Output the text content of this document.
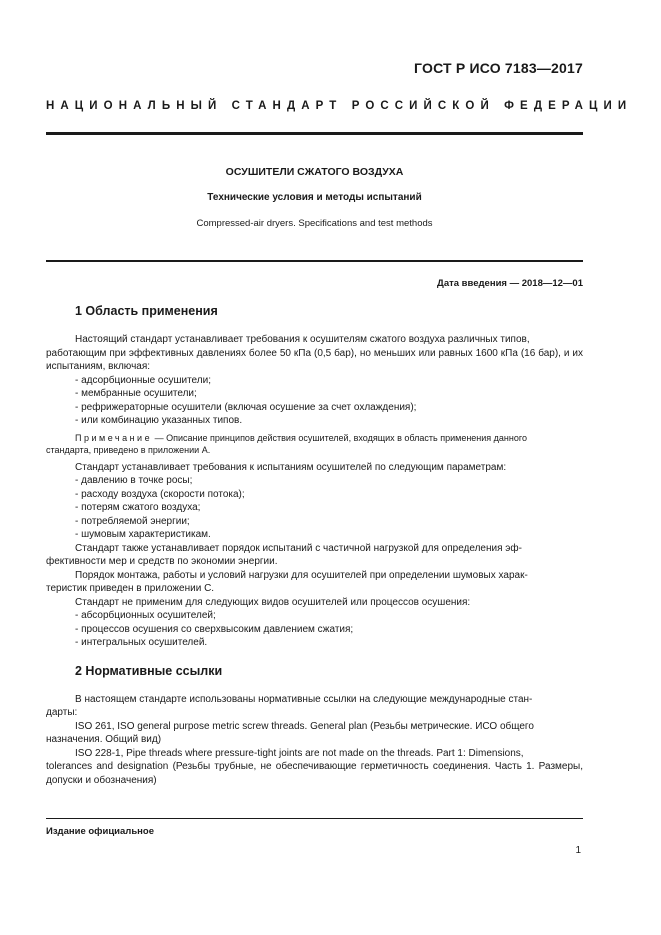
ГОСТ Р ИСО 7183—2017
НАЦИОНАЛЬНЫЙ СТАНДАРТ РОССИЙСКОЙ ФЕДЕРАЦИИ
ОСУШИТЕЛИ СЖАТОГО ВОЗДУХА
Технические условия и методы испытаний
Compressed-air dryers. Specifications and test methods
Дата введения — 2018—12—01
1 Область применения

Настоящий стандарт устанавливает требования к осушителям сжатого воздуха различных типов,

работающим при эффективных давлениях более 50 кПа (0,5 бар), но меньших или равных 1600 кПа (16 бар), и их испытаниям, включая:

- адсорбционные осушители;

- мембранные осушители;

- рефрижераторные осушители (включая осушение за счет охлаждения);

- или комбинацию указанных типов.

Примечание — Описание принципов действия осушителей, входящих в область применения данного

стандарта, приведено в приложении А.

Стандарт устанавливает требования к испытаниям осушителей по следующим параметрам:

- давлению в точке росы;

- расходу воздуха (скорости потока);

- потерям сжатого воздуха;

- потребляемой энергии;

- шумовым характеристикам.

Стандарт также устанавливает порядок испытаний с частичной нагрузкой для определения эф-

фективности мер и средств по экономии энергии.

Порядок монтажа, работы и условий нагрузки для осушителей при определении шумовых харак-

теристик приведен в приложении С.

Стандарт не применим для следующих видов осушителей или процессов осушения:

- абсорбционных осушителей;

- процессов осушения со сверхвысоким давлением сжатия;

- интегральных осушителей.

2 Нормативные ссылки

В настоящем стандарте использованы нормативные ссылки на следующие международные стан-

дарты:

ISO 261, ISO general purpose metric screw threads. General plan (Резьбы метрические. ИСО общего

назначения. Общий вид)

ISO 228-1, Pipe threads where pressure-tight joints are not made on the threads. Part 1: Dimensions,

tolerances and designation (Резьбы трубные, не обеспечивающие герметичность соединения. Часть 1. Размеры, допуски и обозначения)

Издание официальное
1
